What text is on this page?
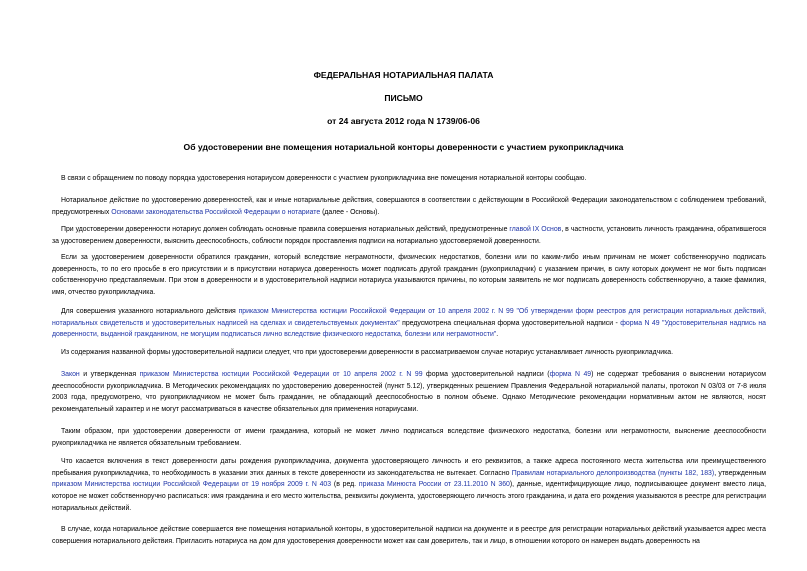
ФЕДЕРАЛЬНАЯ НОТАРИАЛЬНАЯ ПАЛАТА
ПИСЬМО
от 24 августа 2012 года N 1739/06-06
Об удостоверении вне помещения нотариальной конторы доверенности с участием рукоприкладчика

В связи с обращением по поводу порядка удостоверения нотариусом доверенности с участием рукоприкладчика вне помещения нотариальной конторы сообщаю.

Нотариальное действие по удостоверению доверенностей, как и иные нотариальные действия, совершаются в соответствии с действующим в Российской Федерации законодательством с соблюдением требований, предусмотренных Основами законодательства Российской Федерации о нотариате (далее - Основы).

При удостоверении доверенности нотариус должен соблюдать основные правила совершения нотариальных действий, предусмотренные главой IX Основ, в частности, установить личность гражданина, обратившегося за удостоверением доверенности, выяснить дееспособность, соблюсти порядок проставления подписи на нотариально удостоверяемой доверенности.

Если за удостоверением доверенности обратился гражданин, который вследствие неграмотности, физических недостатков, болезни или по каким-либо иным причинам не может собственноручно подписать доверенность, то по его просьбе в его присутствии и в присутствии нотариуса доверенность может подписать другой гражданин (рукоприкладчик) с указанием причин, в силу которых документ не мог быть подписан собственноручно представляемым. При этом в доверенности и в удостоверительной надписи нотариуса указываются причины, по которым заявитель не мог подписать доверенность собственноручно, а также фамилия, имя, отчество рукоприкладчика.

Для совершения указанного нотариального действия приказом Министерства юстиции Российской Федерации от 10 апреля 2002 г. N 99 "Об утверждении форм реестров для регистрации нотариальных действий, нотариальных свидетельств и удостоверительных надписей на сделках и свидетельствуемых документах" предусмотрена специальная форма удостоверительной надписи - форма N 49 "Удостоверительная надпись на доверенности, выданной гражданином, не могущим подписаться лично вследствие физического недостатка, болезни или неграмотности".

Из содержания названной формы удостоверительной надписи следует, что при удостоверении доверенности в рассматриваемом случае нотариус устанавливает личность рукоприкладчика.

Закон и утвержденная приказом Министерства юстиции Российской Федерации от 10 апреля 2002 г. N 99 форма удостоверительной надписи (форма N 49) не содержат требования о выяснении нотариусом дееспособности рукоприкладчика. В Методических рекомендациях по удостоверению доверенностей (пункт 5.12), утвержденных решением Правления Федеральной нотариальной палаты, протокол N 03/03 от 7-8 июля 2003 года, предусмотрено, что рукоприкладчиком не может быть гражданин, не обладающий дееспособностью в полном объеме. Однако Методические рекомендации нормативным актом не являются, носят рекомендательный характер и не могут рассматриваться в качестве обязательных для применения нотариусами.

Таким образом, при удостоверении доверенности от имени гражданина, который не может лично подписаться вследствие физического недостатка, болезни или неграмотности, выяснение дееспособности рукоприкладчика не является обязательным требованием.

Что касается включения в текст доверенности даты рождения рукоприкладчика, документа удостоверяющего личность и его реквизитов, а также адреса постоянного места жительства или преимущественного пребывания рукоприкладчика, то необходимость в указании этих данных в тексте доверенности из законодательства не вытекает. Согласно Правилам нотариального делопроизводства (пункты 182, 183), утвержденным приказом Министерства юстиции Российской Федерации от 19 ноября 2009 г. N 403 (в ред. приказа Минюста России от 23.11.2010 N 360), данные, идентифицирующие лицо, подписывающее документ вместо лица, которое не может собственноручно расписаться: имя гражданина и его место жительства, реквизиты документа, удостоверяющего личность этого гражданина, и дата его рождения указываются в реестре для регистрации нотариальных действий.

В случае, когда нотариальное действие совершается вне помещения нотариальной конторы, в удостоверительной надписи на документе и в реестре для регистрации нотариальных действий указывается адрес места совершения нотариального действия. Пригласить нотариуса на дом для удостоверения доверенности может как сам доверитель, так и лицо, в отношении которого он намерен выдать доверенность на
